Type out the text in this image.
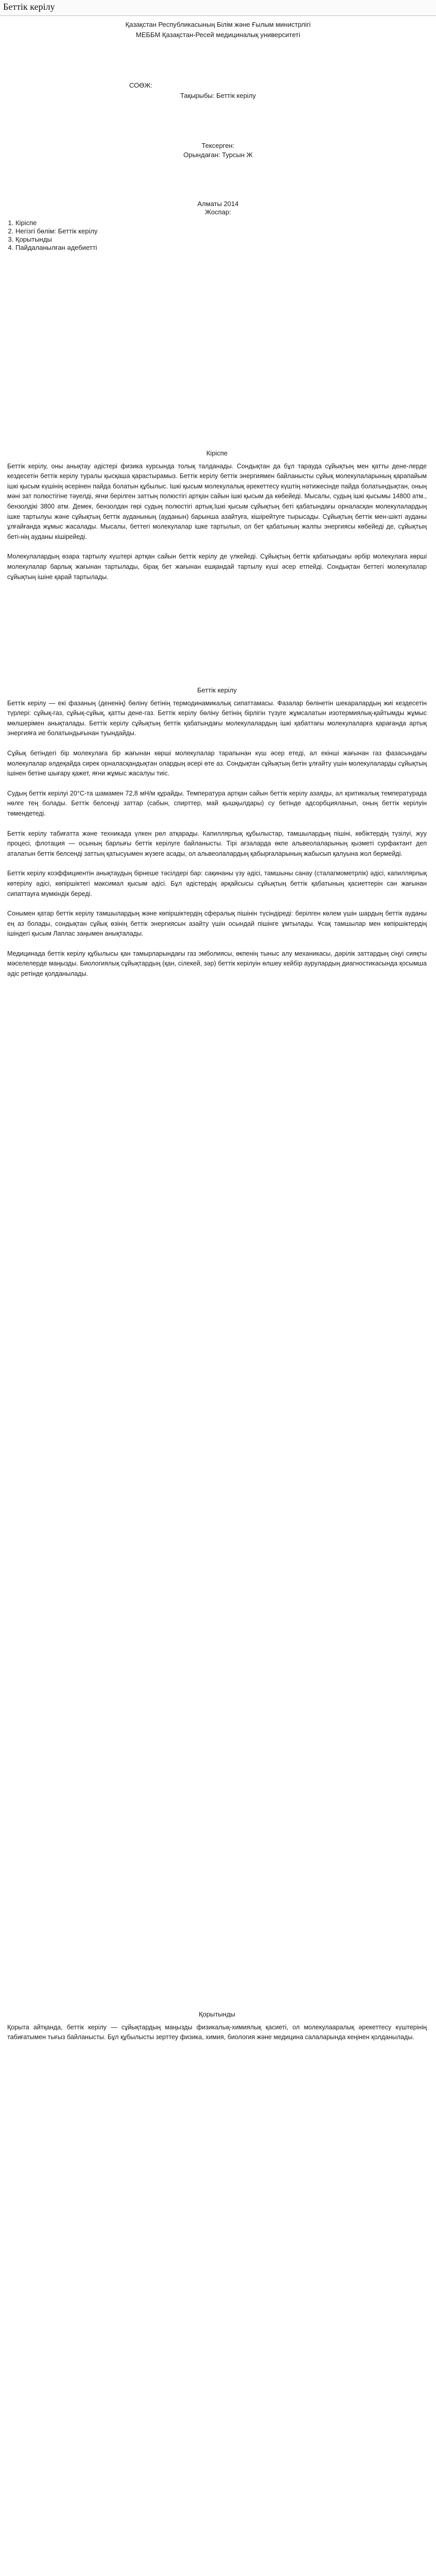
Беттік керілу
Қазақстан Республикасының Білім және Ғылым министрлігі
МЕББМ Қазақстан-Ресей медициналық университеті
СОӨЖ:
Тақырыбы: Беттік керілу
Тексерген:
Орындаған: Турсын Ж
Алматы 2014
Жоспар:
1. Кіріспе
2. Негізгі бөлім: Беттік керілу
3. Қорытынды
4. Пайдаланылған әдебиетті
Кіріспе

Беттік керілу, оны анықтау әдістері физика курсында толық талданады. Сондықтан да бұл тарауда сұйықтың мен қатты дене-лерде кездесетін беттік керілу туралы қысқаша қарастырамыз. Беттік керілу беттік энергиямен байланысты сұйық молекулаларының қарапайым ішкі қысым күшінің әсерінен пайда болатын құбылыс. Ішкі қысым молекулалық әрекеттесу күштің нәтижесінде пайда болатындықтан, оның мәні зат полюстігіне тәуелді, яғни берілген заттың полюстігі артқан сайын ішкі қысым да көбейеді. Мысалы, судың ішкі қысымы 14800 атм., бензолдікі 3800 атм. Демек, бензолдан гөрі судың полюстігі артық.Ішкі қысым сұйықтың беті қабатындағы орналасқан молекулалардың ішке тартылуы және сұйықтың беттік ауданының (ауданын) барынша азайтуға, кішірейтуге тырысады. Сұйықтың беттік мен-шікті ауданы ұлғайғанда жұмыс жасалады. Мысалы, беттегі молекулалар ішке тартылып, ол бет қабатының жалпы энергиясы көбейеді де, сұйықтың беті-нің ауданы кішірейеді.

Молекулалардың өзара тартылу күштері артқан сайын беттік керілу де үлкейеді. Сұйықтың беттік қабатындағы әрбір молекулаға көрші молекулалар барлық жағынан тартылады, бірақ бет жағынан ешқандай тартылу күші әсер етпейді. Сондықтан беттегі молекулалар сұйықтың ішіне қарай тартылады.

Беттік керілу

Беттік керілу — екі фазаның (дененің) бөлінү бетінің термодинамикалық сипаттамасы. Фазалар бөлінетін шекаралардың жиі кездесетін түрлері: сұйық-газ, сұйық-сұйық, қатты дене-газ. Беттік керілу бөліну бетінің бірлігін түзуге жұмсалатын изотермиялық-қайтымды жұмыс мөлшерімен анықталады. Беттік керілу сұйықтың беттік қабатындағы молекулалардың ішкі қабаттағы молекулаларға қарағанда артық энергияға ие болатындығынан туындайды.

Сұйық бетіндегі бір молекулаға бір жағынан көрші молекулалар тарапынан күш әсер етеді, ал екінші жағынан газ фазасындағы молекулалар әлдеқайда сирек орналасқандықтан олардың әсері өте аз. Сондықтан сұйықтың бетін ұлғайту үшін молекулаларды сұйықтың ішінен бетіне шығару қажет, яғни жұмыс жасалуы тиіс.

Судың беттік керілуі 20°С-та шамамен 72,8 мН/м құрайды. Температура артқан сайын беттік керілу азаяды, ал критикалық температурада нөлге тең болады. Беттік белсенді заттар (сабын, спирттер, май қышқылдары) су бетінде адсорбцияланып, оның беттік керілуін төмендетеді.

Беттік керілу табиғатта және техникада үлкен рөл атқарады. Капиллярлық құбылыстар, тамшылардың пішіні, көбіктердің түзілуі, жуу процесі, флотация — осының барлығы беттік керілуге байланысты. Тірі ағзаларда өкпе альвеолаларының қызметі сурфактант деп аталатын беттік белсенді заттың қатысуымен жүзеге асады, ол альвеолалардың қабырғаларының жабысып қалуына жол бермейді.

Беттік керілу коэффициентін анықтаудың бірнеше тәсілдері бар: сақинаны үзу әдісі, тамшыны санау (сталагмометрлік) әдісі, капиллярлық көтерілу әдісі, көпіршіктегі максимал қысым әдісі. Бұл әдістердің әрқайсысы сұйықтың беттік қабатының қасиеттерін сан жағынан сипаттауға мүмкіндік береді.

Сонымен қатар беттік керілу тамшылардың және көпіршіктердің сфералық пішінін түсіндіреді: берілген көлем үшін шардың беттік ауданы ең аз болады, сондықтан сұйық өзінің беттік энергиясын азайту үшін осындай пішінге ұмтылады. Ұсақ тамшылар мен көпіршіктердің ішіндегі қысым Лаплас заңымен анықталады.

Медицинада беттік керілу құбылысы қан тамырларындағы газ эмболиясы, өкпенің тыныс алу механикасы, дәрілік заттардың сіңуі сияқты мәселелерде маңызды. Биологиялық сұйықтардың (қан, сілекей, зәр) беттік керілуін өлшеу кейбір аурулардың диагностикасында қосымша әдіс ретінде қолданылады.

Қорытынды

Қорыта айтқанда, беттік керілу — сұйықтардың маңызды физикалық-химиялық қасиеті, ол молекулааралық әрекеттесу күштерінің табиғатымен тығыз байланысты. Бұл құбылысты зерттеу физика, химия, биология және медицина салаларында кеңінен қолданылады.
